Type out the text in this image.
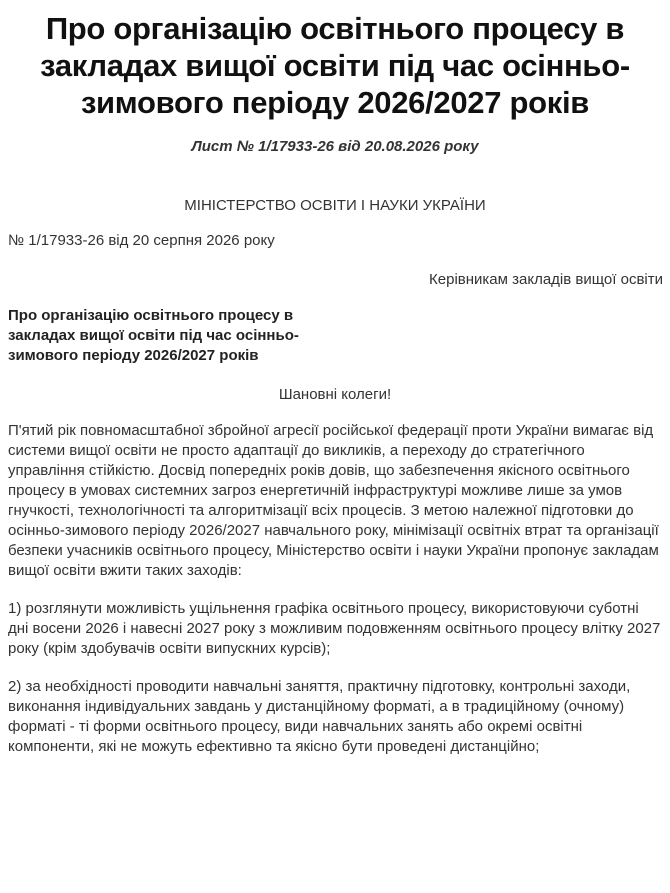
Про організацію освітнього процесу в закладах вищої освіти під час осінньо-зимового періоду 2026/2027 років
Лист № 1/17933-26 від 20.08.2026 року
МІНІСТЕРСТВО ОСВІТИ І НАУКИ УКРАЇНИ
№ 1/17933-26 від 20 серпня 2026 року
Керівникам закладів вищої освіти
Про організацію освітнього процесу в закладах вищої освіти під час осінньо-зимового періоду 2026/2027 років
Шановні колеги!

П'ятий рік повномасштабної збройної агресії російської федерації проти України вимагає від системи вищої освіти не просто адаптації до викликів, а переходу до стратегічного управління стійкістю. Досвід попередніх років довів, що забезпечення якісного освітнього процесу в умовах системних загроз енергетичній інфраструктурі можливе лише за умов гнучкості, технологічності та алгоритмізації всіх процесів. З метою належної підготовки до осінньо-зимового періоду 2026/2027 навчального року, мінімізації освітніх втрат та організації безпеки учасників освітнього процесу, Міністерство освіти і науки України пропонує закладам вищої освіти вжити таких заходів:

1) розглянути можливість ущільнення графіка освітнього процесу, використовуючи суботні дні восени 2026 і навесні 2027 року з можливим подовженням освітнього процесу влітку 2027 року (крім здобувачів освіти випускних курсів);

2) за необхідності проводити навчальні заняття, практичну підготовку, контрольні заходи, виконання індивідуальних завдань у дистанційному форматі, а в традиційному (очному) форматі - ті форми освітнього процесу, види навчальних занять або окремі освітні компоненти, які не можуть ефективно та якісно бути проведені дистанційно;
